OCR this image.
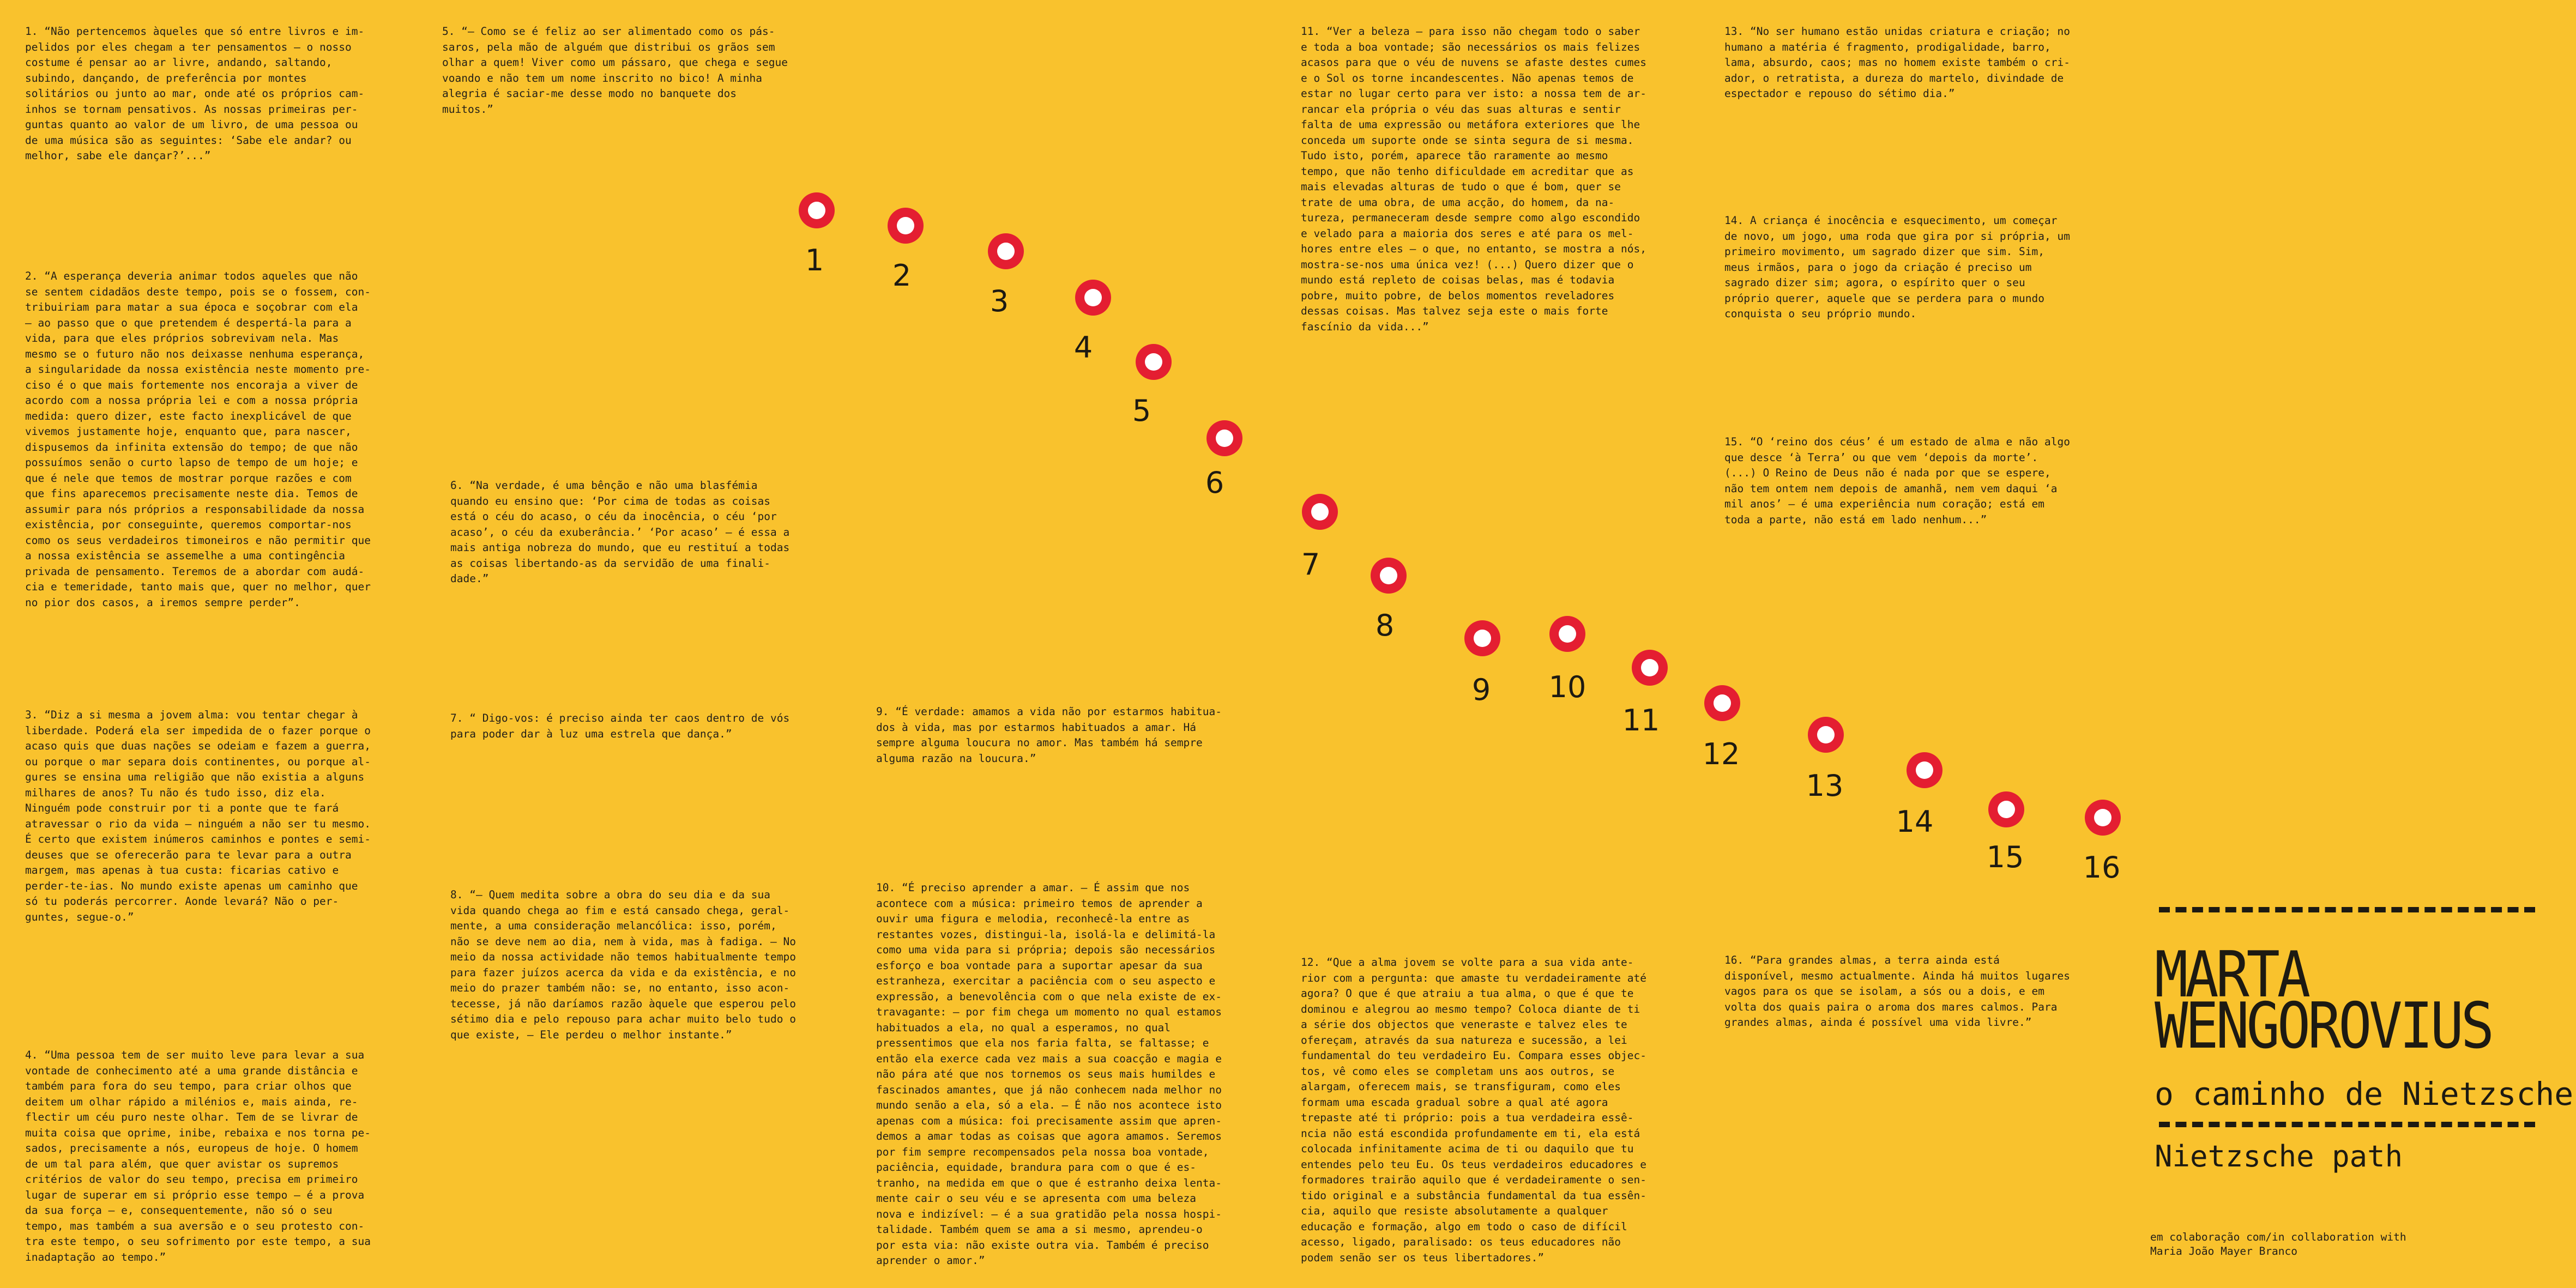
1. “Não pertencemos àqueles que só entre livros e im-
pelidos por eles chegam a ter pensamentos — o nosso
costume é pensar ao ar livre, andando, saltando,
subindo, dançando, de preferência por montes
solitários ou junto ao mar, onde até os próprios cam-
inhos se tornam pensativos. As nossas primeiras per-
guntas quanto ao valor de um livro, de uma pessoa ou
de uma música são as seguintes: ‘Sabe ele andar? ou
melhor, sabe ele dançar?’...”

2. “A esperança deveria animar todos aqueles que não
se sentem cidadãos deste tempo, pois se o fossem, con-
tribuiriam para matar a sua época e soçobrar com ela
— ao passo que o que pretendem é despertá-la para a
vida, para que eles próprios sobrevivam nela. Mas
mesmo se o futuro não nos deixasse nenhuma esperança,
a singularidade da nossa existência neste momento pre-
ciso é o que mais fortemente nos encoraja a viver de
acordo com a nossa própria lei e com a nossa própria
medida: quero dizer, este facto inexplicável de que
vivemos justamente hoje, enquanto que, para nascer,
dispusemos da infinita extensão do tempo; de que não
possuímos senão o curto lapso de tempo de um hoje; e
que é nele que temos de mostrar porque razões e com
que fins aparecemos precisamente neste dia. Temos de
assumir para nós próprios a responsabilidade da nossa
existência, por conseguinte, queremos comportar-nos
como os seus verdadeiros timoneiros e não permitir que
a nossa existência se assemelhe a uma contingência
privada de pensamento. Teremos de a abordar com audá-
cia e temeridade, tanto mais que, quer no melhor, quer
no pior dos casos, a iremos sempre perder”.

3. “Diz a si mesma a jovem alma: vou tentar chegar à
liberdade. Poderá ela ser impedida de o fazer porque o
acaso quis que duas nações se odeiam e fazem a guerra,
ou porque o mar separa dois continentes, ou porque al-
gures se ensina uma religião que não existia a alguns
milhares de anos? Tu não és tudo isso, diz ela.
Ninguém pode construir por ti a ponte que te fará
atravessar o rio da vida — ninguém a não ser tu mesmo.
É certo que existem inúmeros caminhos e pontes e semi-
deuses que se oferecerão para te levar para a outra
margem, mas apenas à tua custa: ficarias cativo e
perder-te-ias. No mundo existe apenas um caminho que
só tu poderás percorrer. Aonde levará? Não o per-
guntes, segue-o.”

4. “Uma pessoa tem de ser muito leve para levar a sua
vontade de conhecimento até a uma grande distância e
também para fora do seu tempo, para criar olhos que
deitem um olhar rápido a milénios e, mais ainda, re-
flectir um céu puro neste olhar. Tem de se livrar de
muita coisa que oprime, inibe, rebaixa e nos torna pe-
sados, precisamente a nós, europeus de hoje. O homem
de um tal para além, que quer avistar os supremos
critérios de valor do seu tempo, precisa em primeiro
lugar de superar em si próprio esse tempo — é a prova
da sua força — e, consequentemente, não só o seu
tempo, mas também a sua aversão e o seu protesto con-
tra este tempo, o seu sofrimento por este tempo, a sua
inadaptação ao tempo.”

5. “— Como se é feliz ao ser alimentado como os pás-
saros, pela mão de alguém que distribui os grãos sem
olhar a quem! Viver como um pássaro, que chega e segue
voando e não tem um nome inscrito no bico! A minha
alegria é saciar-me desse modo no banquete dos
muitos.”

6. “Na verdade, é uma bênção e não uma blasfémia
quando eu ensino que: ‘Por cima de todas as coisas
está o céu do acaso, o céu da inocência, o céu ‘por
acaso’, o céu da exuberância.’ ‘Por acaso’ — é essa a
mais antiga nobreza do mundo, que eu restituí a todas
as coisas libertando-as da servidão de uma finali-
dade.”

7. “ Digo-vos: é preciso ainda ter caos dentro de vós
para poder dar à luz uma estrela que dança.”

8. “— Quem medita sobre a obra do seu dia e da sua
vida quando chega ao fim e está cansado chega, geral-
mente, a uma consideração melancólica: isso, porém,
não se deve nem ao dia, nem à vida, mas à fadiga. — No
meio da nossa actividade não temos habitualmente tempo
para fazer juízos acerca da vida e da existência, e no
meio do prazer também não: se, no entanto, isso acon-
tecesse, já não daríamos razão àquele que esperou pelo
sétimo dia e pelo repouso para achar muito belo tudo o
que existe, — Ele perdeu o melhor instante.”

9. “É verdade: amamos a vida não por estarmos habitua-
dos à vida, mas por estarmos habituados a amar. Há
sempre alguma loucura no amor. Mas também há sempre
alguma razão na loucura.”

10. “É preciso aprender a amar. — É assim que nos
acontece com a música: primeiro temos de aprender a
ouvir uma figura e melodia, reconhecê-la entre as
restantes vozes, distingui-la, isolá-la e delimitá-la
como uma vida para si própria; depois são necessários
esforço e boa vontade para a suportar apesar da sua
estranheza, exercitar a paciência com o seu aspecto e
expressão, a benevolência com o que nela existe de ex-
travagante: — por fim chega um momento no qual estamos
habituados a ela, no qual a esperamos, no qual
pressentimos que ela nos faria falta, se faltasse; e
então ela exerce cada vez mais a sua coacção e magia e
não pára até que nos tornemos os seus mais humildes e
fascinados amantes, que já não conhecem nada melhor no
mundo senão a ela, só a ela. — É não nos acontece isto
apenas com a música: foi precisamente assim que apren-
demos a amar todas as coisas que agora amamos. Seremos
por fim sempre recompensados pela nossa boa vontade,
paciência, equidade, brandura para com o que é es-
tranho, na medida em que o que é estranho deixa lenta-
mente cair o seu véu e se apresenta com uma beleza
nova e indizível: — é a sua gratidão pela nossa hospi-
talidade. Também quem se ama a si mesmo, aprendeu-o
por esta via: não existe outra via. Também é preciso
aprender o amor.”

11. “Ver a beleza — para isso não chegam todo o saber
e toda a boa vontade; são necessários os mais felizes
acasos para que o véu de nuvens se afaste destes cumes
e o Sol os torne incandescentes. Não apenas temos de
estar no lugar certo para ver isto: a nossa tem de ar-
rancar ela própria o véu das suas alturas e sentir
falta de uma expressão ou metáfora exteriores que lhe
conceda um suporte onde se sinta segura de si mesma.
Tudo isto, porém, aparece tão raramente ao mesmo
tempo, que não tenho dificuldade em acreditar que as
mais elevadas alturas de tudo o que é bom, quer se
trate de uma obra, de uma acção, do homem, da na-
tureza, permaneceram desde sempre como algo escondido
e velado para a maioria dos seres e até para os mel-
hores entre eles — o que, no entanto, se mostra a nós,
mostra-se-nos uma única vez! (...) Quero dizer que o
mundo está repleto de coisas belas, mas é todavia
pobre, muito pobre, de belos momentos reveladores
dessas coisas. Mas talvez seja este o mais forte
fascínio da vida...”

12. “Que a alma jovem se volte para a sua vida ante-
rior com a pergunta: que amaste tu verdadeiramente até
agora? O que é que atraiu a tua alma, o que é que te
dominou e alegrou ao mesmo tempo? Coloca diante de ti
a série dos objectos que veneraste e talvez eles te
ofereçam, através da sua natureza e sucessão, a lei
fundamental do teu verdadeiro Eu. Compara esses objec-
tos, vê como eles se completam uns aos outros, se
alargam, oferecem mais, se transfiguram, como eles
formam uma escada gradual sobre a qual até agora
trepaste até ti próprio: pois a tua verdadeira essê-
ncia não está escondida profundamente em ti, ela está
colocada infinitamente acima de ti ou daquilo que tu
entendes pelo teu Eu. Os teus verdadeiros educadores e
formadores trairão aquilo que é verdadeiramente o sen-
tido original e a substância fundamental da tua essên-
cia, aquilo que resiste absolutamente a qualquer
educação e formação, algo em todo o caso de difícil
acesso, ligado, paralisado: os teus educadores não
podem senão ser os teus libertadores.”

13. “No ser humano estão unidas criatura e criação; no
humano a matéria é fragmento, prodigalidade, barro,
lama, absurdo, caos; mas no homem existe também o cri-
ador, o retratista, a dureza do martelo, divindade de
espectador e repouso do sétimo dia.”

14. A criança é inocência e esquecimento, um começar
de novo, um jogo, uma roda que gira por si própria, um
primeiro movimento, um sagrado dizer que sim. Sim,
meus irmãos, para o jogo da criação é preciso um
sagrado dizer sim; agora, o espírito quer o seu
próprio querer, aquele que se perdera para o mundo
conquista o seu próprio mundo.

15. “O ‘reino dos céus’ é um estado de alma e não algo
que desce ‘à Terra’ ou que vem ‘depois da morte’.
(...) O Reino de Deus não é nada por que se espere,
não tem ontem nem depois de amanhã, nem vem daqui ‘a
mil anos’ — é uma experiência num coração; está em
toda a parte, não está em lado nenhum...”

16. “Para grandes almas, a terra ainda está
disponível, mesmo actualmente. Ainda há muitos lugares
vagos para os que se isolam, a sós ou a dois, e em
volta dos quais paira o aroma dos mares calmos. Para
grandes almas, ainda é possível uma vida livre.”

1 2
3
4
5
6
7
8
9 10
11
12
13
14
15 16
MARTA
WENGOROVIUS
o caminho de Nietzsche
Nietzsche path

em colaboração com/in collaboration with
Maria João Mayer Branco
